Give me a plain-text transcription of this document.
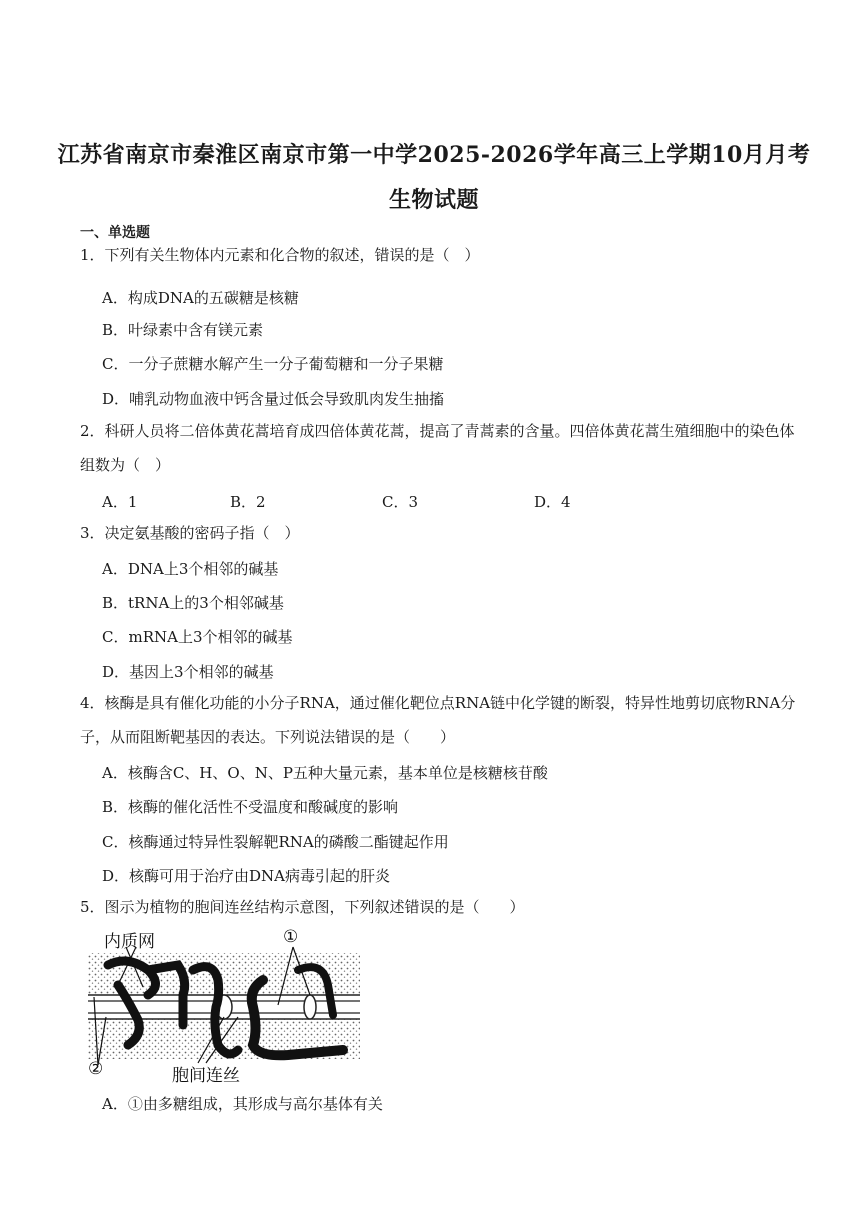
江苏省南京市秦淮区南京市第一中学2025-2026学年高三上学期10月月考
生物试题
一、单选题
1．下列有关生物体内元素和化合物的叙述，错误的是（　）
A．构成DNA的五碳糖是核糖
B．叶绿素中含有镁元素
C．一分子蔗糖水解产生一分子葡萄糖和一分子果糖
D．哺乳动物血液中钙含量过低会导致肌肉发生抽搐
2．科研人员将二倍体黄花蒿培育成四倍体黄花蒿，提高了青蒿素的含量。四倍体黄花蒿生殖细胞中的染色体组数为（　）
A．1	B．2	C．3	D．4
3．决定氨基酸的密码子指（　）
A．DNA上3个相邻的碱基
B．tRNA上的3个相邻碱基
C．mRNA上3个相邻的碱基
D．基因上3个相邻的碱基
4．核酶是具有催化功能的小分子RNA，通过催化靶位点RNA链中化学键的断裂，特异性地剪切底物RNA分子，从而阻断靶基因的表达。下列说法错误的是（　　）
A．核酶含C、H、O、N、P五种大量元素，基本单位是核糖核苷酸
B．核酶的催化活性不受温度和酸碱度的影响
C．核酶通过特异性裂解靶RNA的磷酸二酯键起作用
D．核酶可用于治疗由DNA病毒引起的肝炎
5．图示为植物的胞间连丝结构示意图，下列叙述错误的是（　　）
内质网	①
②	胞间连丝
A．①由多糖组成，其形成与高尔基体有关
